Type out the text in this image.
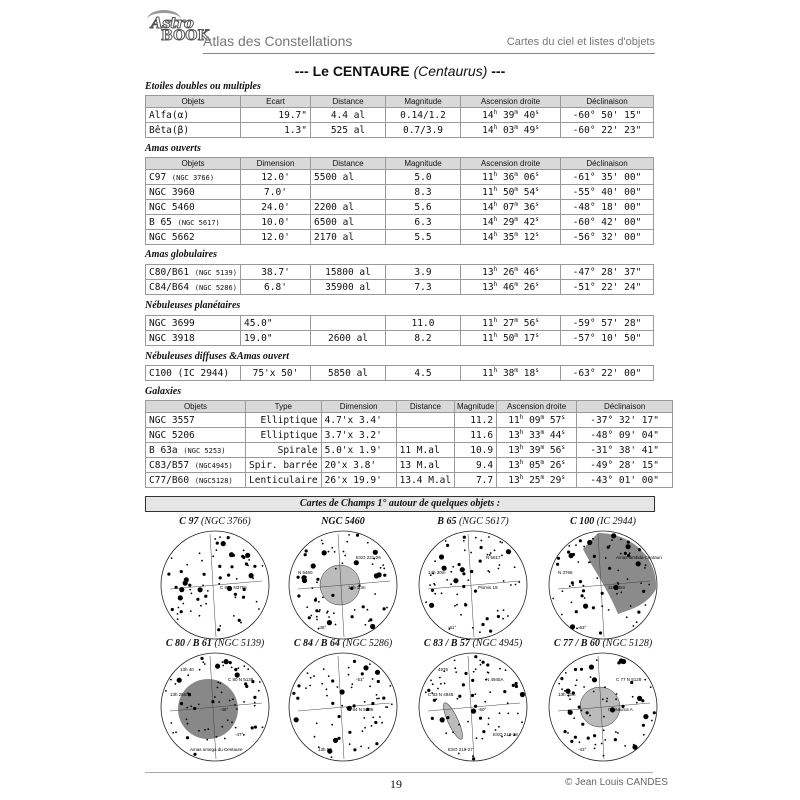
Astro
BOOK
Atlas des Constellations	Cartes du ciel et listes d'objets
--- Le CENTAURE (Centaurus) ---
Etoiles doubles ou multiples
Objets	Ecart	Distance	Magnitude	Ascension droite	Déclinaison
Alfa(α)	19.7"	4.4 al	0.14/1.2	14$^h$ 39$^m$ 40$^s$	-60° 50' 15"
Bêta(β)	1.3"	525 al	0.7/3.9	14$^h$ 03$^m$ 49$^s$	-60° 22' 23"
Amas ouverts
Objets	Dimension	Distance	Magnitude	Ascension droite	Déclinaison
C97 (NGC 3766)	12.0'	5500 al	5.0	11$^h$ 36$^m$ 06$^s$	-61° 35' 00"
NGC 3960	7.0'		8.3	11$^h$ 50$^m$ 54$^s$	-55° 40' 00"
NGC 5460	24.0'	2200 al	5.6	14$^h$ 07$^m$ 36$^s$	-48° 18' 00"
B 65 (NGC 5617)	10.0'	6500 al	6.3	14$^h$ 29$^m$ 42$^s$	-60° 42' 00"
NGC 5662	12.0'	2170 al	5.5	14$^h$ 35$^m$ 12$^s$	-56° 32' 00"
Amas globulaires
C80/B61 (NGC 5139)	38.7'	15800 al	3.9	13$^h$ 26$^m$ 46$^s$	-47° 28' 37"
C84/B64 (NGC 5286)	6.8'	35900 al	7.3	13$^h$ 46$^m$ 26$^s$	-51° 22' 24"
Nébuleuses planétaires
NGC 3699	45.0"		11.0	11$^h$ 27$^m$ 56$^s$	-59° 57' 28"
NGC 3918	19.0"	2600 al	8.2	11$^h$ 50$^m$ 17$^s$	-57° 10' 50"
Nébuleuses diffuses &Amas ouvert
C100 (IC 2944)	75'x 50'	5850 al	4.5	11$^h$ 38$^m$ 18$^s$	-63° 22' 00"
Galaxies
Objets	Type	Dimension	Distance	Magnitude	Ascension droite	Déclinaison
NGC 3557	Elliptique	4.7'x 3.4'		11.2	11$^h$ 09$^m$ 57$^s$	-37° 32' 17"
NGC 5206	Elliptique	3.7'x 3.2'		11.6	13$^h$ 33$^m$ 44$^s$	-48° 09' 04"
B 63a (NGC 5253)	Spirale	5.0'x 1.9'	11 M.al	10.9	13$^h$ 39$^m$ 56$^s$	-31° 38' 41"
C83/B57 (NGC4945)	Spir. barrée	20'x 3.8'	13 M.al	9.4	13$^h$ 05$^m$ 26$^s$	-49° 28' 15"
C77/B60 (NGC5128)	Lenticulaire	26'x 19.9'	13.4 M.al	7.7	13$^h$ 25$^m$ 29$^s$	-43° 01' 00"
Cartes de Champs 1° autour de quelques objets :
C 97 (NGC 3766)
C 97 - N3766
NGC 5460
14h 10m
-48°
ESO 221-26
N 5460
B 65 (NGC 5617)
Pismis 19
-61°
N 5617
14h 30m
C 100 (IC 2944)
11h 40m
-63°
Amas lambda Centauri
N 3766
C 80 / B 61 (NGC 5139)
-46°
Amas omega du Centaure
C 80 N 5139
13h 25m
-47°
13h 40
C 84 / B 64 (NGC 5286)
C 84 N 5286
13h 50
-51°
C 83 / B 57 (NGC 4945)
-50°
ESO 219-27
N 4945A
C 83 N 4945
ESO 219-28
4976
C 77 / B 60 (NGC 5128)
Centaurus A
-43°
C 77 N 5128
13h 25m
19	© Jean Louis CANDES
